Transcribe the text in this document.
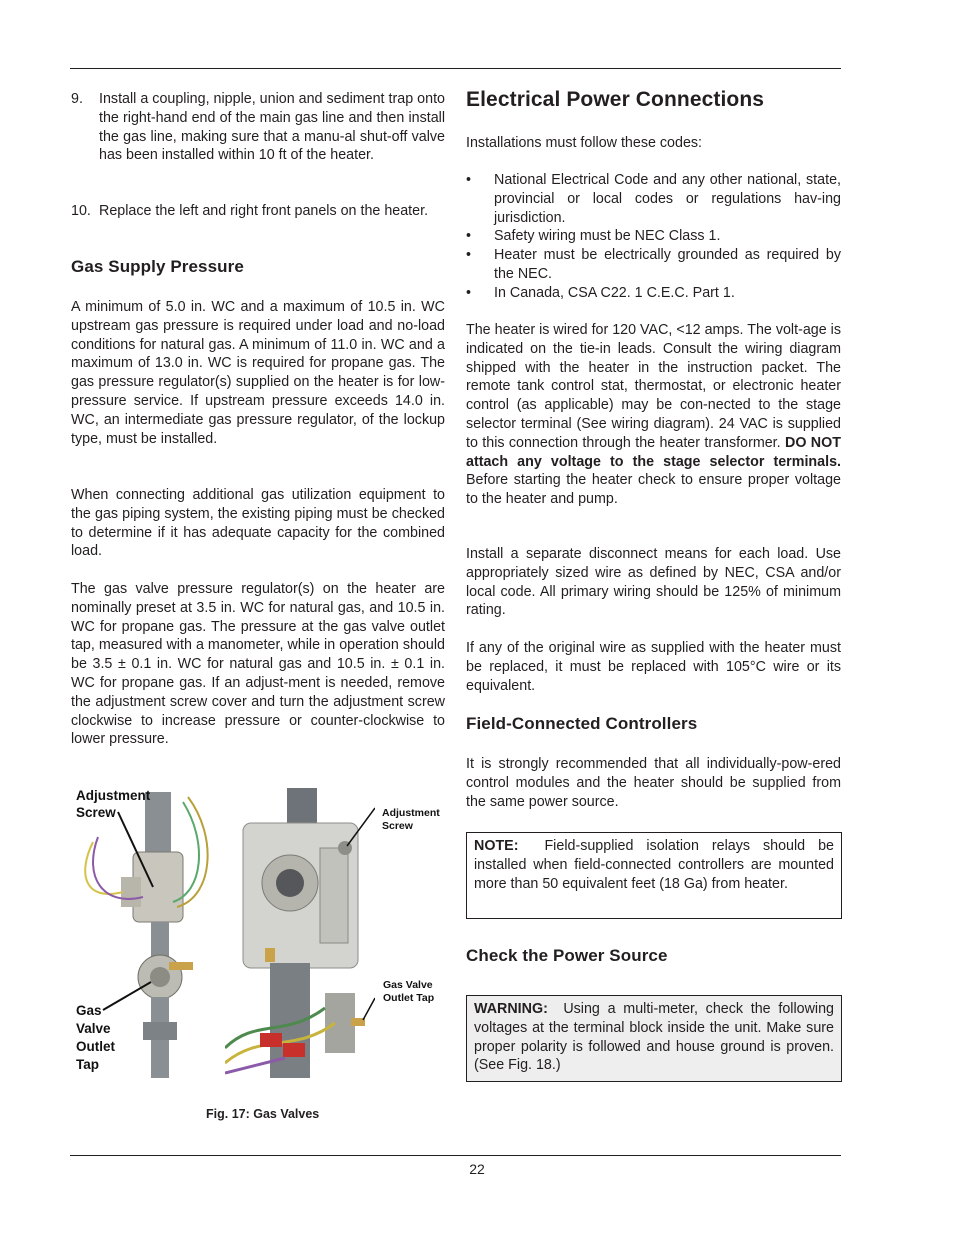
9. Install a coupling, nipple, union and sediment trap onto the right-hand end of the main gas line and then install the gas line, making sure that a manu-al shut-off valve has been installed within 10 ft of the heater.
10. Replace the left and right front panels on the heater.
Gas Supply Pressure

A minimum of 5.0 in. WC and a maximum of 10.5 in. WC upstream gas pressure is required under load and no-load conditions for natural gas. A minimum of 11.0 in. WC and a maximum of 13.0 in. WC is required for propane gas. The gas pressure regulator(s) supplied on the heater is for low-pressure service. If upstream pressure exceeds 14.0 in. WC, an intermediate gas pressure regulator, of the lockup type, must be installed.

When connecting additional gas utilization equipment to the gas piping system, the existing piping must be checked to determine if it has adequate capacity for the combined load.

The gas valve pressure regulator(s) on the heater are nominally preset at 3.5 in. WC for natural gas, and 10.5 in. WC for propane gas. The pressure at the gas valve outlet tap, measured with a manometer, while in operation should be 3.5 ± 0.1 in. WC for natural gas and 10.5 in. ± 0.1 in. WC for propane gas. If an adjust-ment is needed, remove the adjustment screw cover and turn the adjustment screw clockwise to increase pressure or counter-clockwise to lower pressure.

Adjustment
Screw
Gas
Valve
Outlet
Tap
Adjustment
Screw
Gas Valve
Outlet Tap
Fig. 17: Gas Valves
Electrical Power Connections

Installations must follow these codes:

• National Electrical Code and any other national, state, provincial or local codes or regulations hav-ing jurisdiction.
• Safety wiring must be NEC Class 1.
• Heater must be electrically grounded as required by the NEC.
• In Canada, CSA C22. 1 C.E.C. Part 1.

The heater is wired for 120 VAC, <12 amps. The volt-age is indicated on the tie-in leads. Consult the wiring diagram shipped with the heater in the instruction packet. The remote tank control stat, thermostat, or electronic heater control (as applicable) may be con-nected to the stage selector terminal (See wiring diagram). 24 VAC is supplied to this connection through the heater transformer. DO NOT attach any voltage to the stage selector terminals. Before starting the heater check to ensure proper voltage to the heater and pump.

Install a separate disconnect means for each load. Use appropriately sized wire as defined by NEC, CSA and/or local code. All primary wiring should be 125% of minimum rating.

If any of the original wire as supplied with the heater must be replaced, it must be replaced with 105°C wire or its equivalent.

Field-Connected Controllers

It is strongly recommended that all individually-pow-ered control modules and the heater should be supplied from the same power source.

Check the Power Source

NOTE: Field-supplied isolation relays should be installed when field-connected controllers are mounted more than 50 equivalent feet (18 Ga) from heater.

WARNING: Using a multi-meter, check the following voltages at the terminal block inside the unit. Make sure proper polarity is followed and house ground is proven. (See Fig. 18.)

22
